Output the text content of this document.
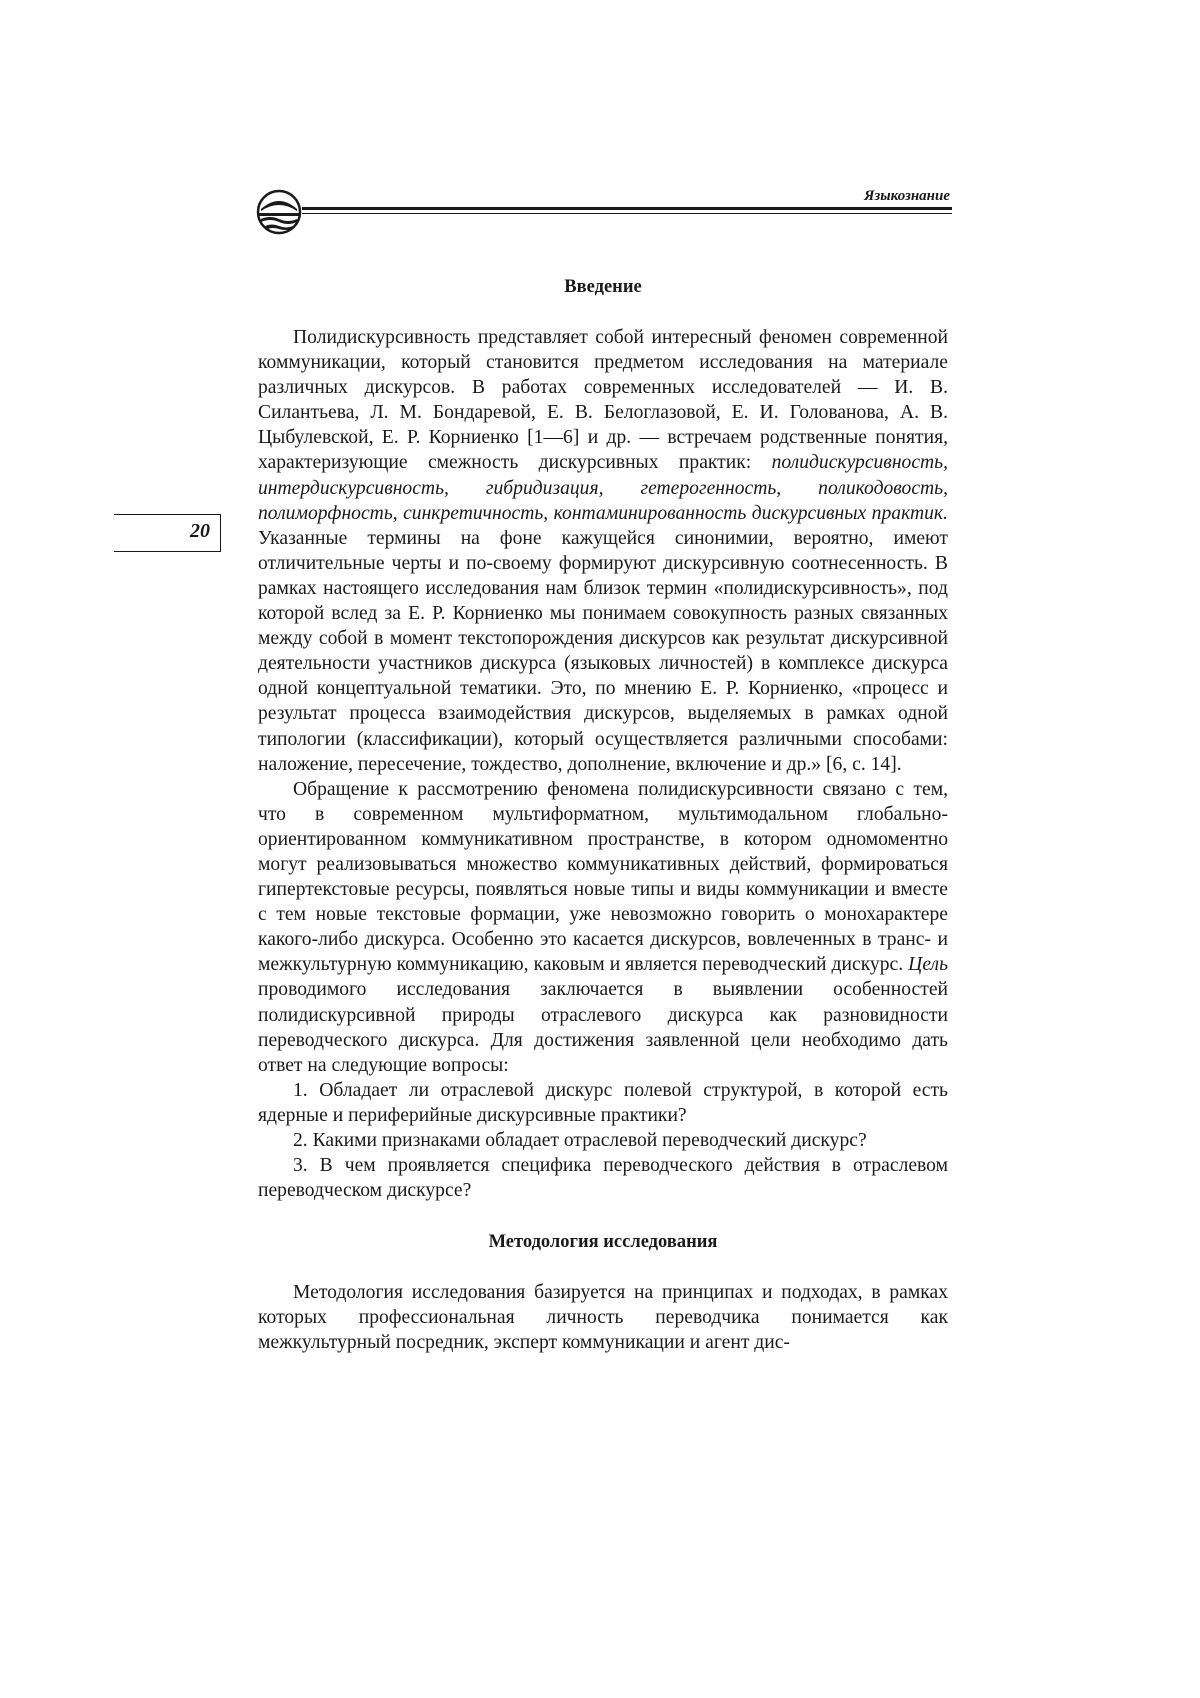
Языкознание
20
Введение

Полидискурсивность представляет собой интересный феномен современной коммуникации, который становится предметом исследования на материале различных дискурсов. В работах современных исследователей — И. В. Силантьева, Л. М. Бондаревой, Е. В. Белоглазовой, Е. И. Голованова, А. В. Цыбулевской, Е. Р. Корниенко [1—6] и др. — встречаем родственные понятия, характеризующие смежность дискурсивных практик: полидискурсивность, интердискурсивность, гибридизация, гетерогенность, поликодовость, полиморфность, синкретичность, контаминированность дискурсивных практик. Указанные термины на фоне кажущейся синонимии, вероятно, имеют отличительные черты и по-своему формируют дискурсивную соотнесенность. В рамках настоящего исследования нам близок термин «полидискурсивность», под которой вслед за Е. Р. Корниенко мы понимаем совокупность разных связанных между собой в момент текстопорождения дискурсов как результат дискурсивной деятельности участников дискурса (языковых личностей) в комплексе дискурса одной концептуальной тематики. Это, по мнению Е. Р. Корниенко, «процесс и результат процесса взаимодействия дискурсов, выделяемых в рамках одной типологии (классификации), который осуществляется различными способами: наложение, пересечение, тождество, дополнение, включение и др.» [6, с. 14].

Обращение к рассмотрению феномена полидискурсивности связано с тем, что в современном мультиформатном, мультимодальном глобально-ориентированном коммуникативном пространстве, в котором одномоментно могут реализовываться множество коммуникативных действий, формироваться гипертекстовые ресурсы, появляться новые типы и виды коммуникации и вместе с тем новые текстовые формации, уже невозможно говорить о монохарактере какого-либо дискурса. Особенно это касается дискурсов, вовлеченных в транс- и межкультурную коммуникацию, каковым и является переводческий дискурс. Цель проводимого исследования заключается в выявлении особенностей полидискурсивной природы отраслевого дискурса как разновидности переводческого дискурса. Для достижения заявленной цели необходимо дать ответ на следующие вопросы:

1. Обладает ли отраслевой дискурс полевой структурой, в которой есть ядерные и периферийные дискурсивные практики?

2. Какими признаками обладает отраслевой переводческий дискурс?

3. В чем проявляется специфика переводческого действия в отраслевом переводческом дискурсе?

Методология исследования

Методология исследования базируется на принципах и подходах, в рамках которых профессиональная личность переводчика понимается как межкультурный посредник, эксперт коммуникации и агент дис-
